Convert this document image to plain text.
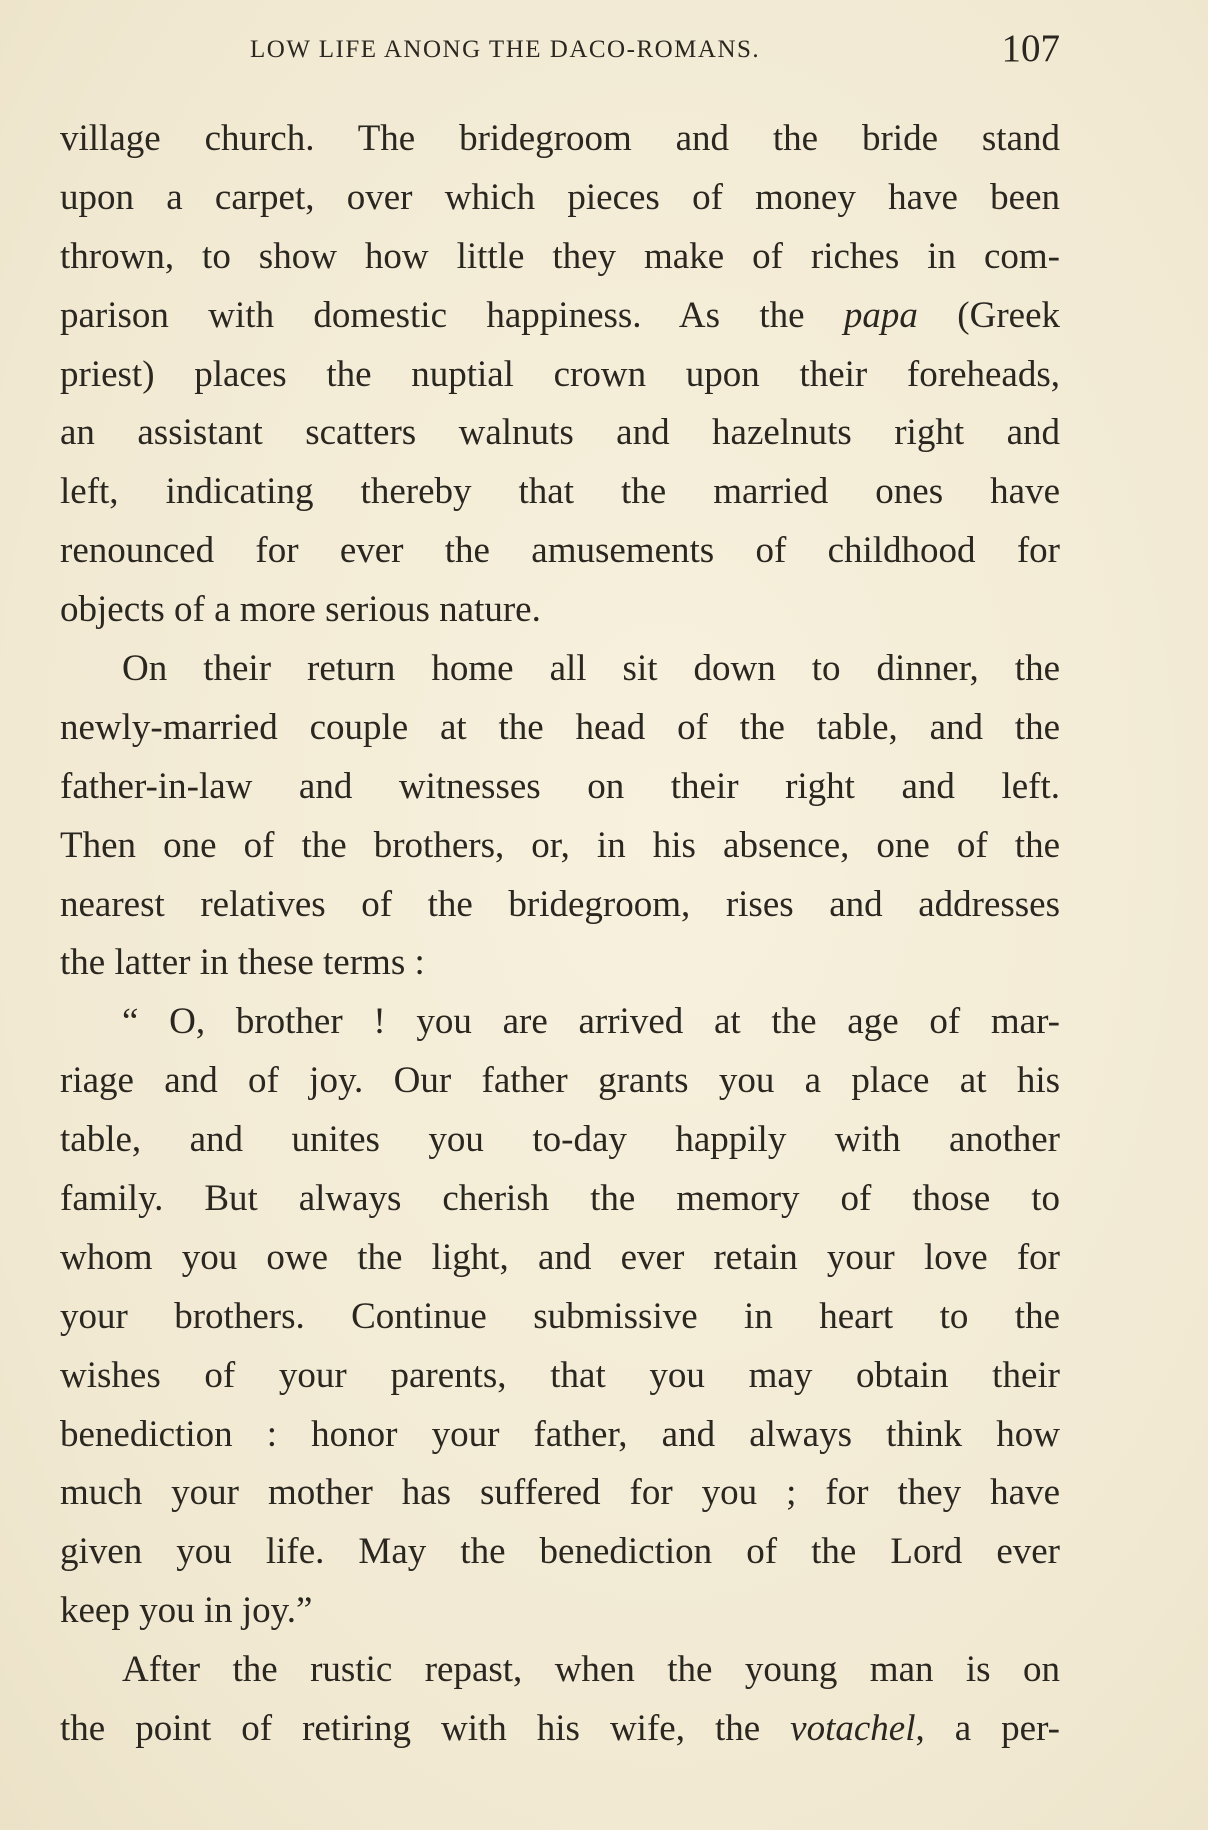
LOW LIFE ANONG THE DACO-ROMANS.	107
village church. The bridegroom and the bride stand
upon a carpet, over which pieces of money have been
thrown, to show how little they make of riches in com-
parison with domestic happiness. As the papa (Greek
priest) places the nuptial crown upon their foreheads,
an assistant scatters walnuts and hazelnuts right and
left, indicating thereby that the married ones have
renounced for ever the amusements of childhood for
objects of a more serious nature.
On their return home all sit down to dinner, the
newly-married couple at the head of the table, and the
father-in-law and witnesses on their right and left.
Then one of the brothers, or, in his absence, one of the
nearest relatives of the bridegroom, rises and addresses
the latter in these terms :
“ O, brother ! you are arrived at the age of mar-
riage and of joy. Our father grants you a place at his
table, and unites you to-day happily with another
family. But always cherish the memory of those to
whom you owe the light, and ever retain your love for
your brothers. Continue submissive in heart to the
wishes of your parents, that you may obtain their
benediction : honor your father, and always think how
much your mother has suffered for you ; for they have
given you life. May the benediction of the Lord ever
keep you in joy.”
After the rustic repast, when the young man is on
the point of retiring with his wife, the votachel, a per-
